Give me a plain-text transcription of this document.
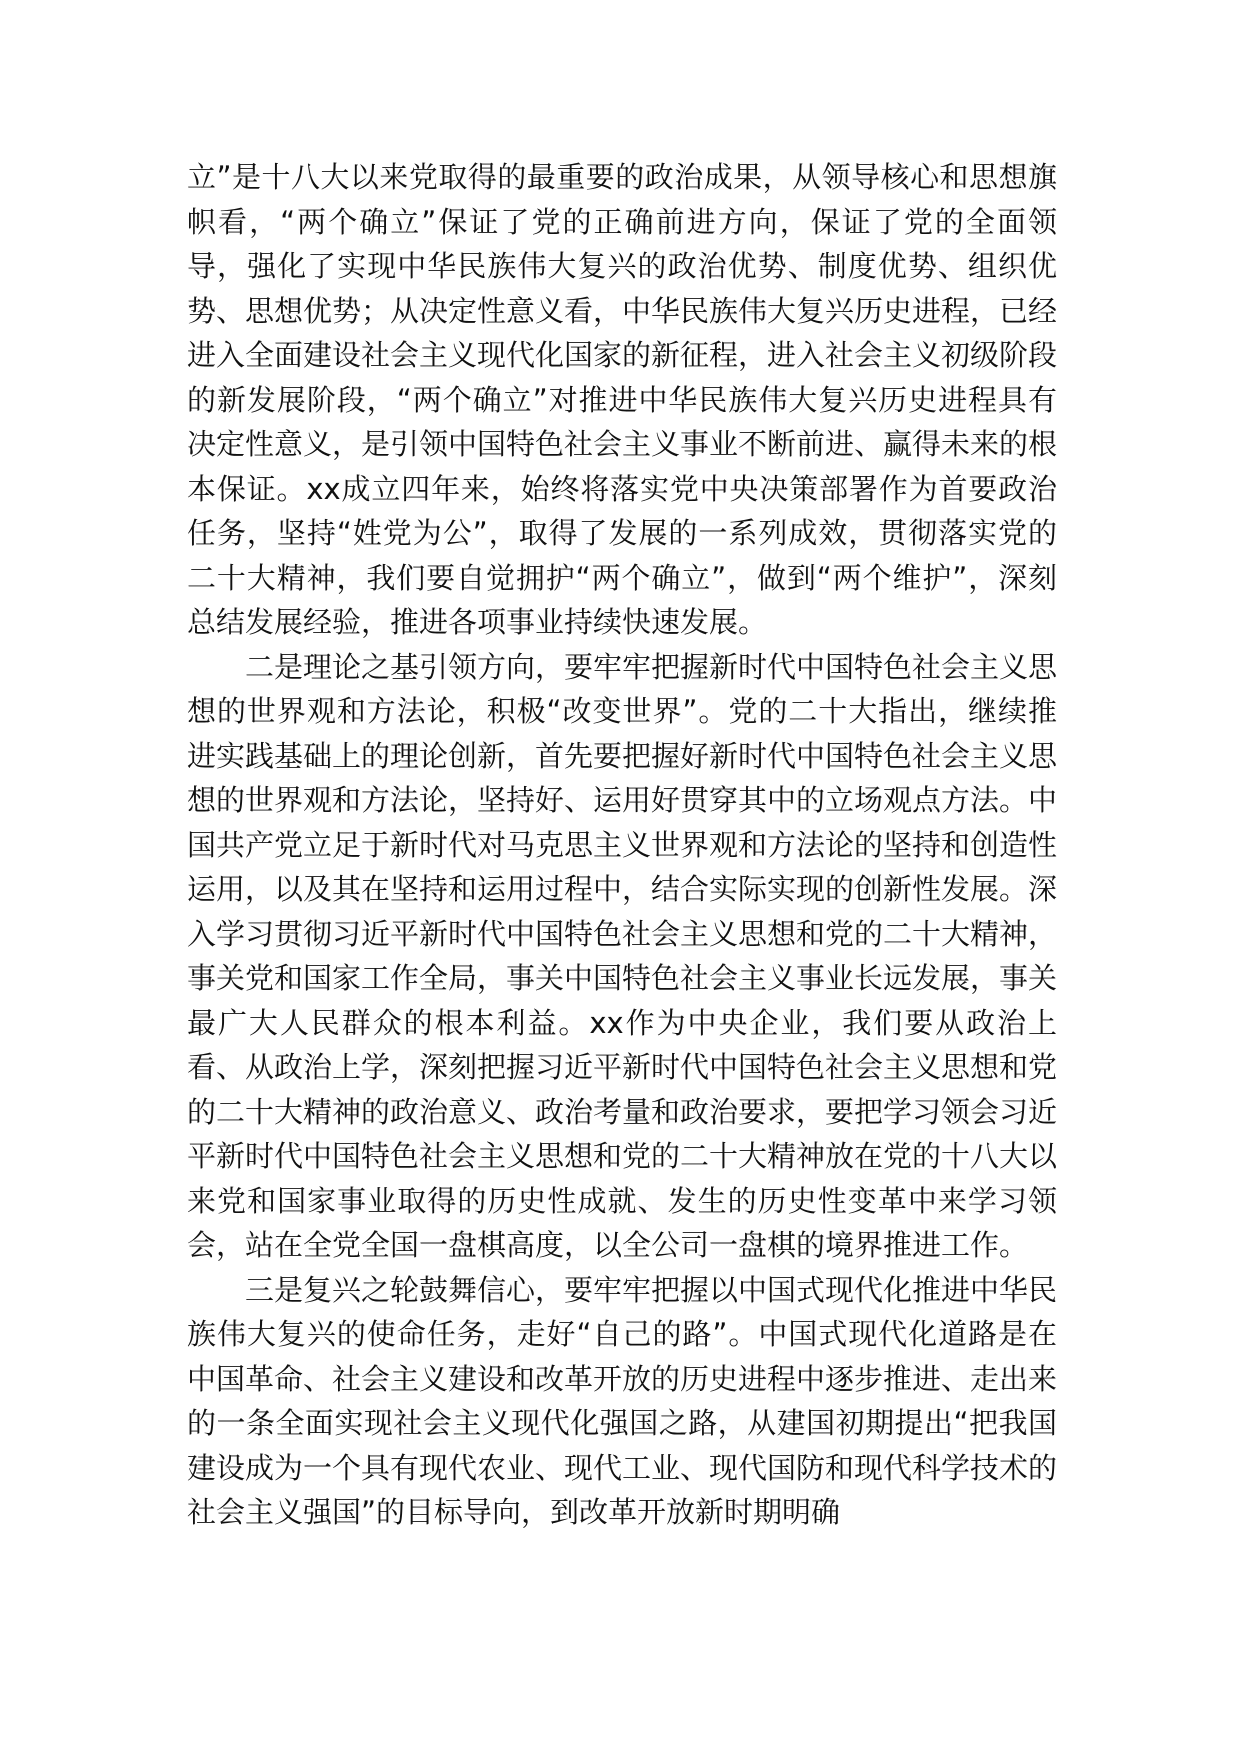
立”是十八大以来党取得的最重要的政治成果，从领导核心和思想旗帜看，“两个确立”保证了党的正确前进方向，保证了党的全面领导，强化了实现中华民族伟大复兴的政治优势、制度优势、组织优势、思想优势；从决定性意义看，中华民族伟大复兴历史进程，已经进入全面建设社会主义现代化国家的新征程，进入社会主义初级阶段的新发展阶段，“两个确立”对推进中华民族伟大复兴历史进程具有决定性意义，是引领中国特色社会主义事业不断前进、赢得未来的根本保证。xx成立四年来，始终将落实党中央决策部署作为首要政治任务，坚持“姓党为公”，取得了发展的一系列成效，贯彻落实党的二十大精神，我们要自觉拥护“两个确立”，做到“两个维护”，深刻总结发展经验，推进各项事业持续快速发展。

二是理论之基引领方向，要牢牢把握新时代中国特色社会主义思想的世界观和方法论，积极“改变世界”。党的二十大指出，继续推进实践基础上的理论创新，首先要把握好新时代中国特色社会主义思想的世界观和方法论，坚持好、运用好贯穿其中的立场观点方法。中国共产党立足于新时代对马克思主义世界观和方法论的坚持和创造性运用，以及其在坚持和运用过程中，结合实际实现的创新性发展。深入学习贯彻习近平新时代中国特色社会主义思想和党的二十大精神，事关党和国家工作全局，事关中国特色社会主义事业长远发展，事关最广大人民群众的根本利益。xx作为中央企业，我们要从政治上看、从政治上学，深刻把握习近平新时代中国特色社会主义思想和党的二十大精神的政治意义、政治考量和政治要求，要把学习领会习近平新时代中国特色社会主义思想和党的二十大精神放在党的十八大以来党和国家事业取得的历史性成就、发生的历史性变革中来学习领会，站在全党全国一盘棋高度，以全公司一盘棋的境界推进工作。

三是复兴之轮鼓舞信心，要牢牢把握以中国式现代化推进中华民族伟大复兴的使命任务，走好“自己的路”。中国式现代化道路是在中国革命、社会主义建设和改革开放的历史进程中逐步推进、走出来的一条全面实现社会主义现代化强国之路，从建国初期提出“把我国建设成为一个具有现代农业、现代工业、现代国防和现代科学技术的社会主义强国”的目标导向，到改革开放新时期明确
